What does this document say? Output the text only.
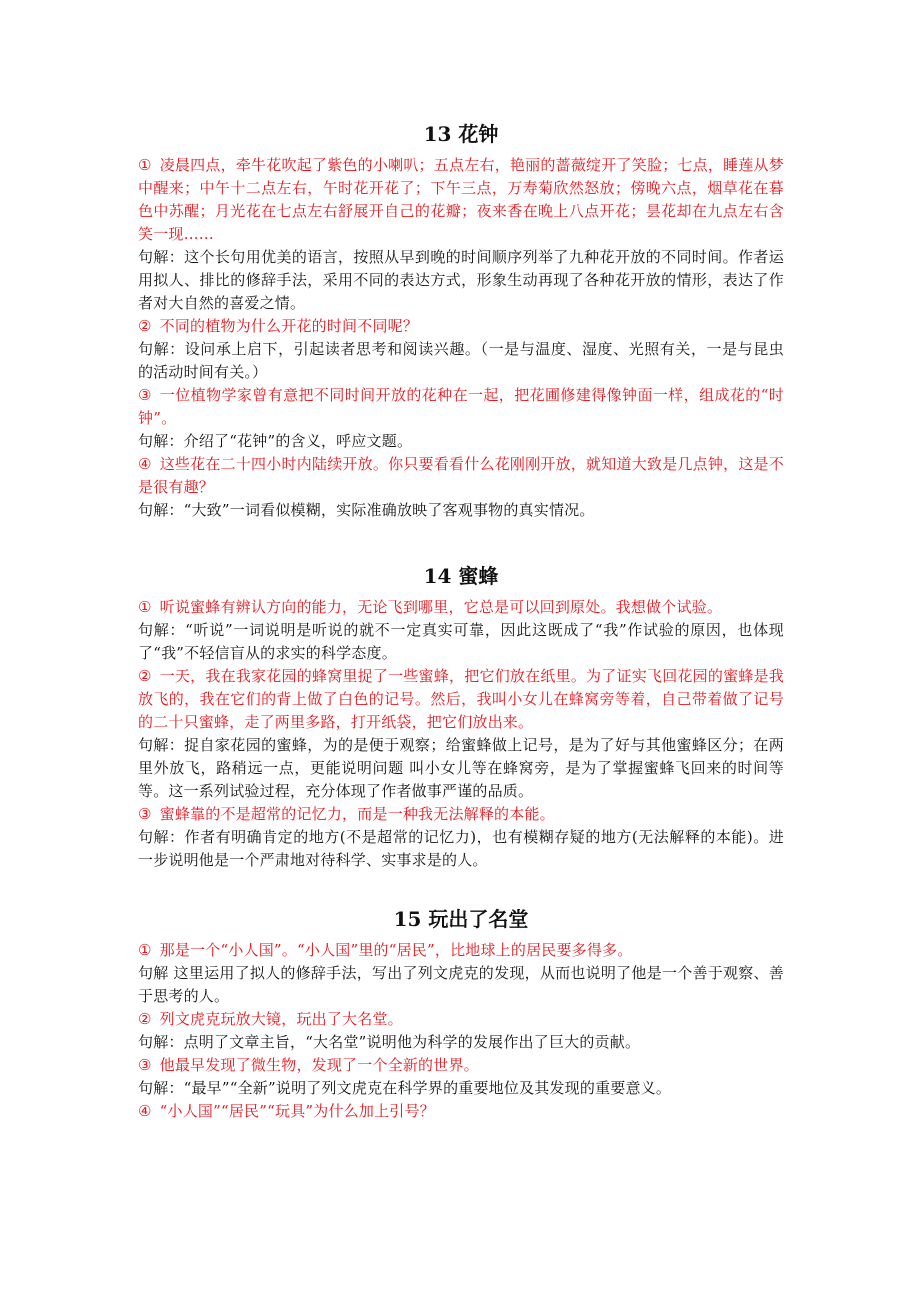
13 花钟

① 凌晨四点，牵牛花吹起了紫色的小喇叭；五点左右，艳丽的蔷薇绽开了笑脸；七点，睡莲从梦中醒来；中午十二点左右，午时花开花了；下午三点，万寿菊欣然怒放；傍晚六点，烟草花在暮色中苏醒；月光花在七点左右舒展开自己的花瓣；夜来香在晚上八点开花；昙花却在九点左右含笑一现……

句解：这个长句用优美的语言，按照从早到晚的时间顺序列举了九种花开放的不同时间。作者运用拟人、排比的修辞手法，采用不同的表达方式，形象生动再现了各种花开放的情形，表达了作者对大自然的喜爱之情。

② 不同的植物为什么开花的时间不同呢？

句解：设问承上启下，引起读者思考和阅读兴趣。（一是与温度、湿度、光照有关，一是与昆虫的活动时间有关。）

③ 一位植物学家曾有意把不同时间开放的花种在一起，把花圃修建得像钟面一样，组成花的“时钟”。

句解：介绍了“花钟”的含义，呼应文题。

④ 这些花在二十四小时内陆续开放。你只要看看什么花刚刚开放，就知道大致是几点钟，这是不是很有趣？

句解：“大致”一词看似模糊，实际准确放映了客观事物的真实情况。

14 蜜蜂

① 听说蜜蜂有辨认方向的能力，无论飞到哪里，它总是可以回到原处。我想做个试验。

句解：“听说”一词说明是听说的就不一定真实可靠，因此这既成了“我”作试验的原因，也体现了“我”不轻信盲从的求实的科学态度。

② 一天，我在我家花园的蜂窝里捉了一些蜜蜂，把它们放在纸里。为了证实飞回花园的蜜蜂是我放飞的，我在它们的背上做了白色的记号。然后，我叫小女儿在蜂窝旁等着，自己带着做了记号的二十只蜜蜂，走了两里多路，打开纸袋，把它们放出来。

句解：捉自家花园的蜜蜂，为的是便于观察；给蜜蜂做上记号，是为了好与其他蜜蜂区分；在两里外放飞，路稍远一点，更能说明问题 叫小女儿等在蜂窝旁，是为了掌握蜜蜂飞回来的时间等等。这一系列试验过程，充分体现了作者做事严谨的品质。

③ 蜜蜂靠的不是超常的记忆力，而是一种我无法解释的本能。

句解：作者有明确肯定的地方(不是超常的记忆力)，也有模糊存疑的地方(无法解释的本能)。进一步说明他是一个严肃地对待科学、实事求是的人。

15 玩出了名堂

① 那是一个“小人国”。“小人国”里的“居民”，比地球上的居民要多得多。

句解 这里运用了拟人的修辞手法，写出了列文虎克的发现，从而也说明了他是一个善于观察、善于思考的人。

② 列文虎克玩放大镜，玩出了大名堂。

句解：点明了文章主旨，“大名堂”说明他为科学的发展作出了巨大的贡献。

③ 他最早发现了微生物，发现了一个全新的世界。

句解：“最早”“全新”说明了列文虎克在科学界的重要地位及其发现的重要意义。

④ “小人国”“居民”“玩具”为什么加上引号？
